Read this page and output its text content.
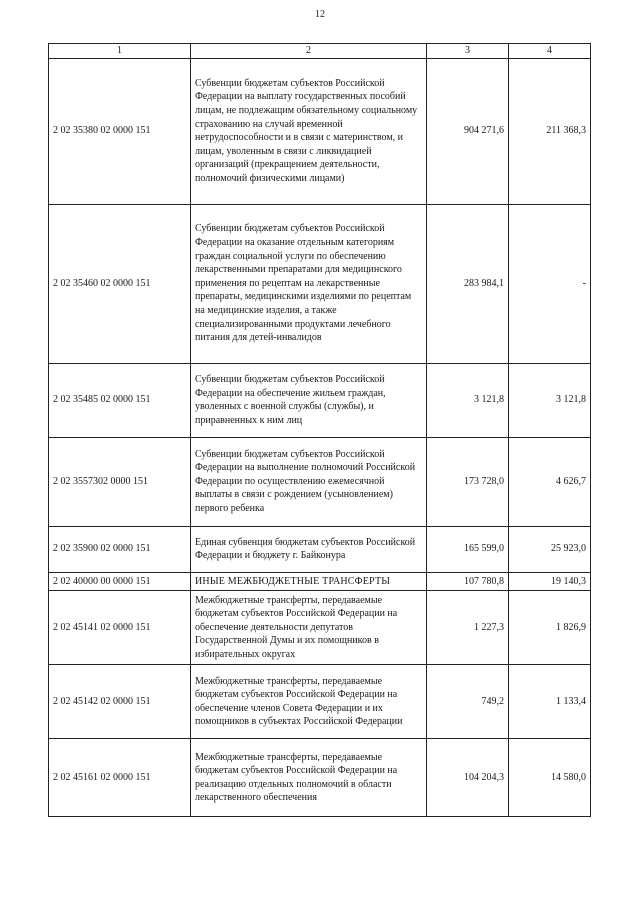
12
1	2	3	4
2 02 35380 02 0000 151	Субвенции бюджетам субъектов Российской Федерации на выплату государственных пособий лицам, не подлежащим обязательному социальному страхованию на случай временной нетрудоспособности и в связи с материнством, и лицам, уволенным в связи с ликвидацией организаций (прекращением деятельности, полномочий физическими лицами)	904 271,6	211 368,3
2 02 35460 02 0000 151	Субвенции бюджетам субъектов Российской Федерации на оказание отдельным категориям граждан социальной услуги по обеспечению лекарственными препаратами для медицинского применения по рецептам на лекарственные препараты, медицинскими изделиями по рецептам на медицинские изделия, а также специализированными продуктами лечебного питания для детей-инвалидов	283 984,1	-
2 02 35485 02 0000 151	Субвенции бюджетам субъектов Российской Федерации на обеспечение жильем граждан, уволенных с военной службы (службы), и приравненных к ним лиц	3 121,8	3 121,8
2 02 3557302 0000 151	Субвенции бюджетам субъектов Российской Федерации на выполнение полномочий Российской Федерации по осуществлению ежемесячной выплаты в связи с рождением (усыновлением) первого ребенка	173 728,0	4 626,7
2 02 35900 02 0000 151	Единая субвенция бюджетам субъектов Российской Федерации и бюджету г. Байконура	165 599,0	25 923,0
2 02 40000 00 0000 151	ИНЫЕ МЕЖБЮДЖЕТНЫЕ ТРАНСФЕРТЫ	107 780,8	19 140,3
2 02 45141 02 0000 151	Межбюджетные трансферты, передаваемые бюджетам субъектов Российской Федерации на обеспечение деятельности депутатов Государственной Думы и их помощников в избирательных округах	1 227,3	1 826,9
2 02 45142 02 0000 151	Межбюджетные трансферты, передаваемые бюджетам субъектов Российской Федерации на обеспечение членов Совета Федерации и их помощников в субъектах Российской Федерации	749,2	1 133,4
2 02 45161 02 0000 151	Межбюджетные трансферты, передаваемые бюджетам субъектов Российской Федерации на реализацию отдельных полномочий в области лекарственного обеспечения	104 204,3	14 580,0
